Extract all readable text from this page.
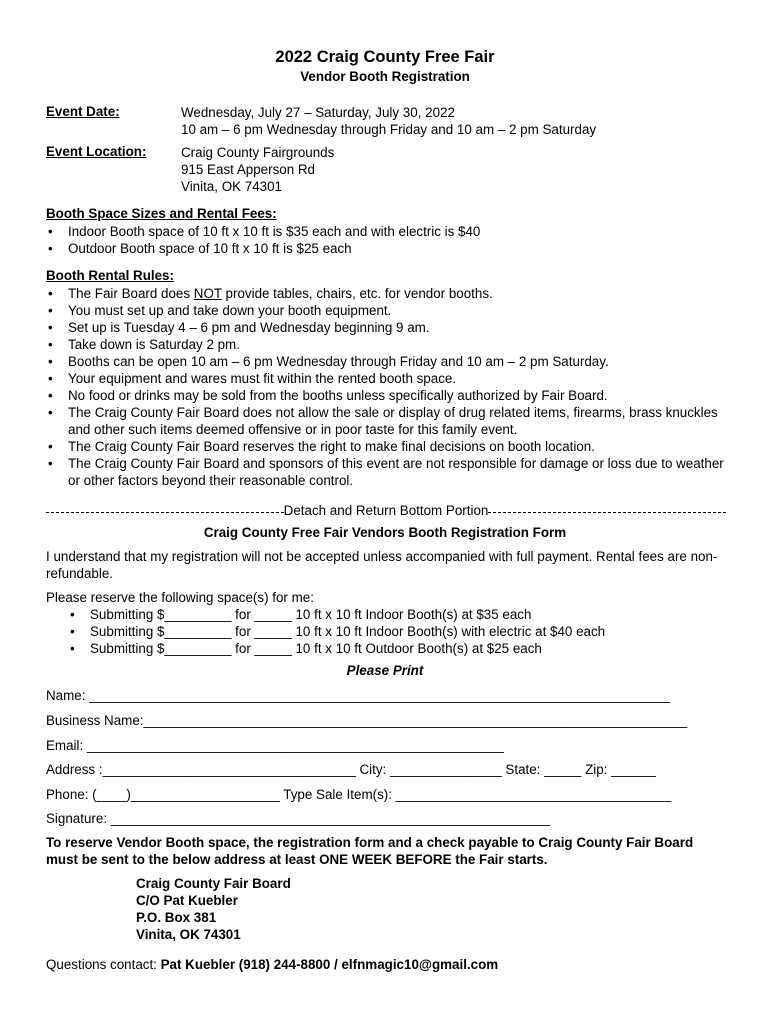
2022 Craig County Free Fair
Vendor Booth Registration
Event Date:	Wednesday, July 27 – Saturday, July 30, 2022
10 am – 6 pm Wednesday through Friday and 10 am – 2 pm Saturday
Event Location:	Craig County Fairgrounds
915 East Apperson Rd
Vinita, OK 74301
Booth Space Sizes and Rental Fees:
• Indoor Booth space of 10 ft x 10 ft is $35 each and with electric is $40
• Outdoor Booth space of 10 ft x 10 ft is $25 each
Booth Rental Rules:
• The Fair Board does NOT provide tables, chairs, etc. for vendor booths.
• You must set up and take down your booth equipment.
• Set up is Tuesday 4 – 6 pm and Wednesday beginning 9 am.
• Take down is Saturday 2 pm.
• Booths can be open 10 am – 6 pm Wednesday through Friday and 10 am – 2 pm Saturday.
• Your equipment and wares must fit within the rented booth space.
• No food or drinks may be sold from the booths unless specifically authorized by Fair Board.
• The Craig County Fair Board does not allow the sale or display of drug related items, firearms, brass knuckles and other such items deemed offensive or in poor taste for this family event.
• The Craig County Fair Board reserves the right to make final decisions on booth location.
• The Craig County Fair Board and sponsors of this event are not responsible for damage or loss due to weather or other factors beyond their reasonable control.
Detach and Return Bottom Portion
Craig County Free Fair Vendors Booth Registration Form
I understand that my registration will not be accepted unless accompanied with full payment. Rental fees are non-refundable.
Please reserve the following space(s) for me:
• Submitting $_________ for _____ 10 ft x 10 ft Indoor Booth(s) at $35 each
• Submitting $_________ for _____ 10 ft x 10 ft Indoor Booth(s) with electric at $40 each
• Submitting $_________ for _____ 10 ft x 10 ft Outdoor Booth(s) at $25 each
Please Print
Name: ______________________________________________________________________________
Business Name:_________________________________________________________________________
Email: ________________________________________________________
Address :__________________________________ City: _______________ State: _____ Zip: ______
Phone: (____)____________________ Type Sale Item(s): _____________________________________
Signature: ___________________________________________________________
To reserve Vendor Booth space, the registration form and a check payable to Craig County Fair Board must be sent to the below address at least ONE WEEK BEFORE the Fair starts.
Craig County Fair Board
C/O Pat Kuebler
P.O. Box 381
Vinita, OK 74301
Questions contact: Pat Kuebler (918) 244-8800 / elfnmagic10@gmail.com
